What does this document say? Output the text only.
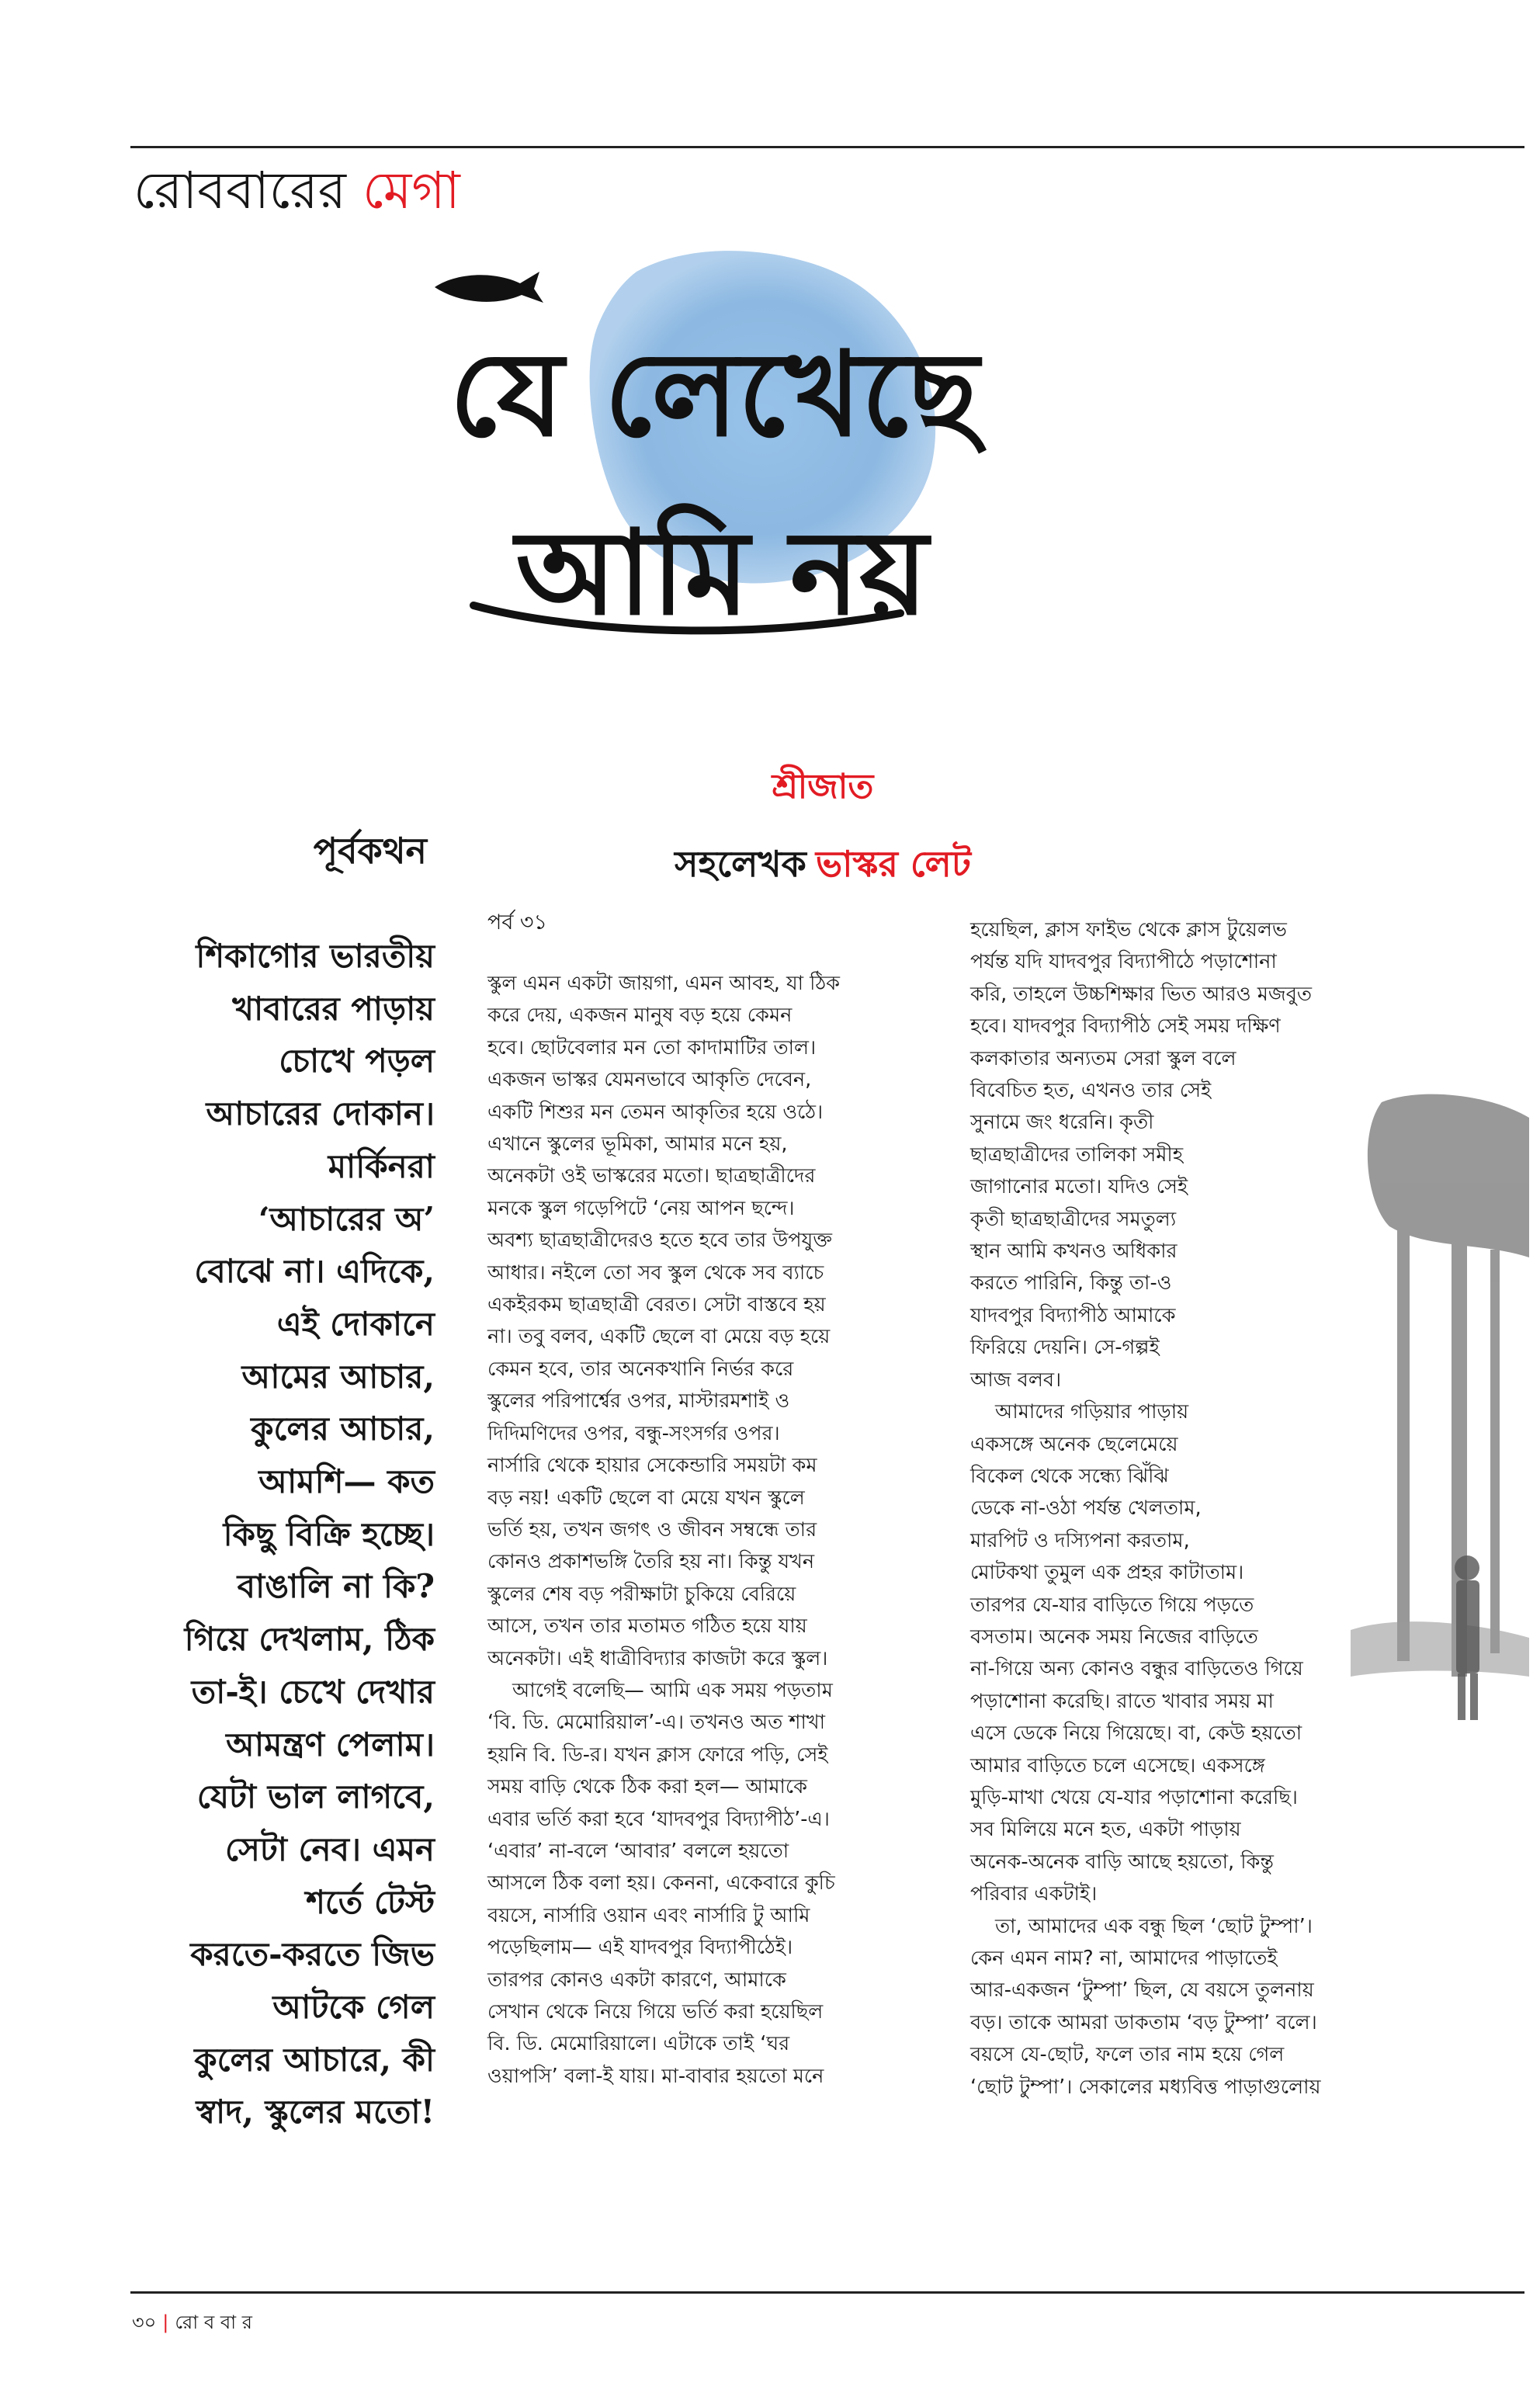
রোববারের মেগা
যে লেখেছে
আমি নয়
শ্রীজাত
সহলেখক ভাস্কর লেট
পূর্বকথন
শিকাগোর ভারতীয়
খাবারের পাড়ায়
চোখে পড়ল
আচারের দোকান।
মার্কিনরা
‘আচারের অ’
বোঝে না। এদিকে,
এই দোকানে
আমের আচার,
কুলের আচার,
আমশি— কত
কিছু বিক্রি হচ্ছে।
বাঙালি না কি?
গিয়ে দেখলাম, ঠিক
তা-ই। চেখে দেখার
আমন্ত্রণ পেলাম।
যেটা ভাল লাগবে,
সেটা নেব। এমন
শর্তে টেস্ট
করতে-করতে জিভ
আটকে গেল
কুলের আচারে, কী
স্বাদ, স্কুলের মতো!
পর্ব ৩১
স্কুল এমন একটা জায়গা, এমন আবহ, যা ঠিক
করে দেয়, একজন মানুষ বড় হয়ে কেমন
হবে। ছোটবেলার মন তো কাদামাটির তাল।
একজন ভাস্কর যেমনভাবে আকৃতি দেবেন,
একটি শিশুর মন তেমন আকৃতির হয়ে ওঠে।
এখানে স্কুলের ভূমিকা, আমার মনে হয়,
অনেকটা ওই ভাস্করের মতো। ছাত্রছাত্রীদের
মনকে স্কুল গড়েপিটে ‘নেয় আপন ছন্দে।
অবশ্য ছাত্রছাত্রীদেরও হতে হবে তার উপযুক্ত
আধার। নইলে তো সব স্কুল থেকে সব ব্যাচে
একইরকম ছাত্রছাত্রী বেরত। সেটা বাস্তবে হয়
না। তবু বলব, একটি ছেলে বা মেয়ে বড় হয়ে
কেমন হবে, তার অনেকখানি নির্ভর করে
স্কুলের পরিপার্শ্বের ওপর, মাস্টারমশাই ও
দিদিমণিদের ওপর, বন্ধু-সংসর্গর ওপর।
নার্সারি থেকে হায়ার সেকেন্ডারি সময়টা কম
বড় নয়! একটি ছেলে বা মেয়ে যখন স্কুলে
ভর্তি হয়, তখন জগৎ ও জীবন সম্বন্ধে তার
কোনও প্রকাশভঙ্গি তৈরি হয় না। কিন্তু যখন
স্কুলের শেষ বড় পরীক্ষাটা চুকিয়ে বেরিয়ে
আসে, তখন তার মতামত গঠিত হয়ে যায়
অনেকটা। এই ধাত্রীবিদ্যার কাজটা করে স্কুল।
আগেই বলেছি— আমি এক সময় পড়তাম
‘বি. ডি. মেমোরিয়াল’-এ। তখনও অত শাখা
হয়নি বি. ডি-র। যখন ক্লাস ফোরে পড়ি, সেই
সময় বাড়ি থেকে ঠিক করা হল— আমাকে
এবার ভর্তি করা হবে ‘যাদবপুর বিদ্যাপীঠ’-এ।
‘এবার’ না-বলে ‘আবার’ বললে হয়তো
আসলে ঠিক বলা হয়। কেননা, একেবারে কুচি
বয়সে, নার্সারি ওয়ান এবং নার্সারি টু আমি
পড়েছিলাম— এই যাদবপুর বিদ্যাপীঠেই।
তারপর কোনও একটা কারণে, আমাকে
সেখান থেকে নিয়ে গিয়ে ভর্তি করা হয়েছিল
বি. ডি. মেমোরিয়ালে। এটাকে তাই ‘ঘর
ওয়াপসি’ বলা-ই যায়। মা-বাবার হয়তো মনে
হয়েছিল, ক্লাস ফাইভ থেকে ক্লাস টুয়েলভ
পর্যন্ত যদি যাদবপুর বিদ্যাপীঠে পড়াশোনা
করি, তাহলে উচ্চশিক্ষার ভিত আরও মজবুত
হবে। যাদবপুর বিদ্যাপীঠ সেই সময় দক্ষিণ
কলকাতার অন্যতম সেরা স্কুল বলে
বিবেচিত হত, এখনও তার সেই
সুনামে জং ধরেনি। কৃতী
ছাত্রছাত্রীদের তালিকা সমীহ
জাগানোর মতো। যদিও সেই
কৃতী ছাত্রছাত্রীদের সমতুল্য
স্থান আমি কখনও অধিকার
করতে পারিনি, কিন্তু তা-ও
যাদবপুর বিদ্যাপীঠ আমাকে
ফিরিয়ে দেয়নি। সে-গল্পই
আজ বলব।
আমাদের গড়িয়ার পাড়ায়
একসঙ্গে অনেক ছেলেমেয়ে
বিকেল থেকে সন্ধ্যে ঝিঁঝি
ডেকে না-ওঠা পর্যন্ত খেলতাম,
মারপিট ও দস্যিপনা করতাম,
মোটকথা তুমুল এক প্রহর কাটাতাম।
তারপর যে-যার বাড়িতে গিয়ে পড়তে
বসতাম। অনেক সময় নিজের বাড়িতে
না-গিয়ে অন্য কোনও বন্ধুর বাড়িতেও গিয়ে
পড়াশোনা করেছি। রাতে খাবার সময় মা
এসে ডেকে নিয়ে গিয়েছে। বা, কেউ হয়তো
আমার বাড়িতে চলে এসেছে। একসঙ্গে
মুড়ি-মাখা খেয়ে যে-যার পড়াশোনা করেছি।
সব মিলিয়ে মনে হত, একটা পাড়ায়
অনেক-অনেক বাড়ি আছে হয়তো, কিন্তু
পরিবার একটাই।
তা, আমাদের এক বন্ধু ছিল ‘ছোট টুম্পা’।
কেন এমন নাম? না, আমাদের পাড়াতেই
আর-একজন ‘টুম্পা’ ছিল, যে বয়সে তুলনায়
বড়। তাকে আমরা ডাকতাম ‘বড় টুম্পা’ বলে।
বয়সে যে-ছোট, ফলে তার নাম হয়ে গেল
‘ছোট টুম্পা’। সেকালের মধ্যবিত্ত পাড়াগুলোয়
৩০ | রো ব বা র
